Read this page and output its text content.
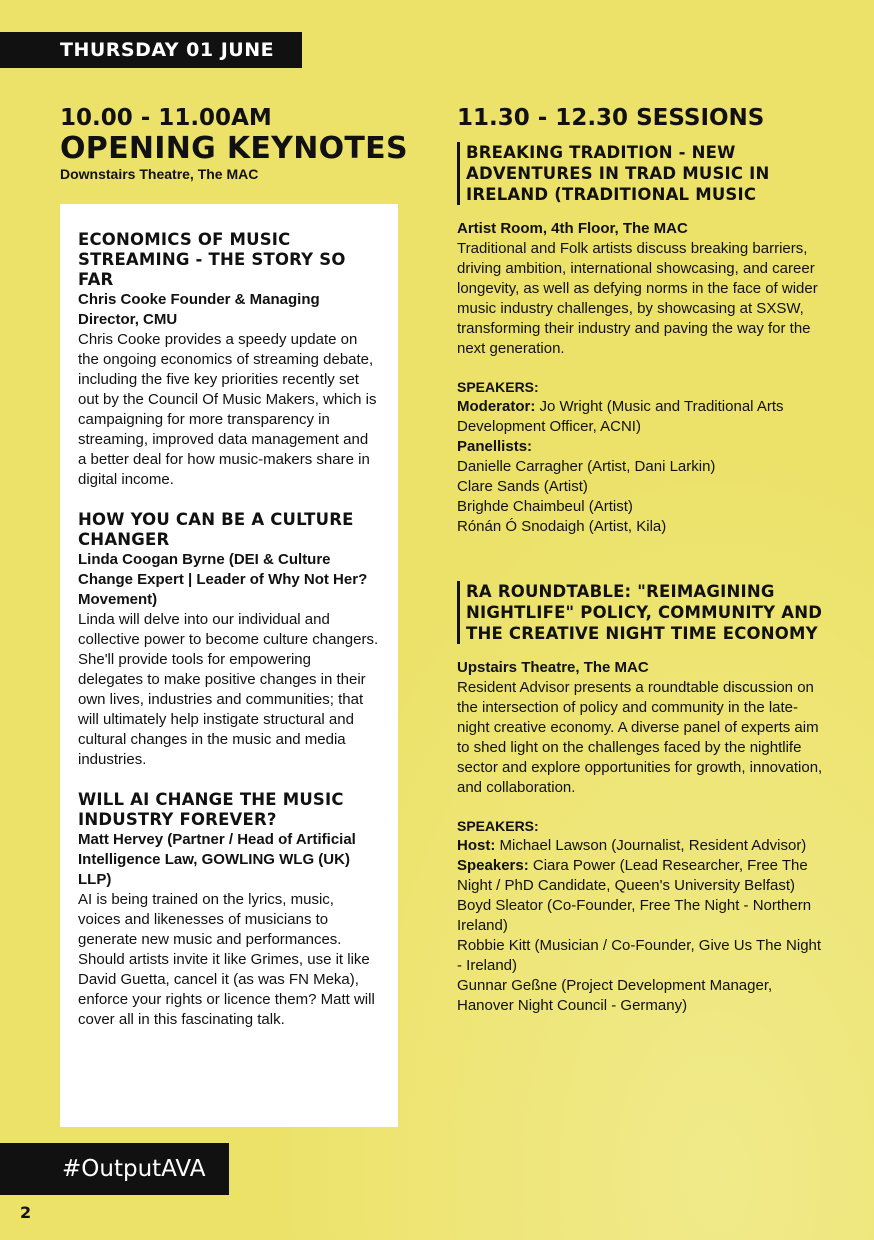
THURSDAY 01 JUNE
10.00 - 11.00AM
OPENING KEYNOTES
Downstairs Theatre, The MAC
ECONOMICS OF MUSIC STREAMING - THE STORY SO FAR
Chris Cooke Founder & Managing Director, CMU
Chris Cooke provides a speedy update on the ongoing economics of streaming debate, including the five key priorities recently set out by the Council Of Music Makers, which is campaigning for more transparency in streaming, improved data management and a better deal for how music-makers share in digital income.
HOW YOU CAN BE A CULTURE CHANGER
Linda Coogan Byrne (DEI & Culture Change Expert | Leader of Why Not Her? Movement)
Linda will delve into our individual and collective power to become culture changers. She'll provide tools for empowering delegates to make positive changes in their own lives, industries and communities; that will ultimately help instigate structural and cultural changes in the music and media industries.
WILL AI CHANGE THE MUSIC INDUSTRY FOREVER?
Matt Hervey (Partner / Head of Artificial Intelligence Law, GOWLING WLG (UK) LLP)
AI is being trained on the lyrics, music, voices and likenesses of musicians to generate new music and performances. Should artists invite it like Grimes, use it like David Guetta, cancel it (as was FN Meka), enforce your rights or licence them? Matt will cover all in this fascinating talk.
11.30 - 12.30 SESSIONS
BREAKING TRADITION - NEW ADVENTURES IN TRAD MUSIC IN IRELAND (TRADITIONAL MUSIC
Artist Room, 4th Floor, The MAC
Traditional and Folk artists discuss breaking barriers, driving ambition, international showcasing, and career longevity, as well as defying norms in the face of wider music industry challenges, by showcasing at SXSW, transforming their industry and paving the way for the next generation.
SPEAKERS:
Moderator: Jo Wright (Music and Traditional Arts Development Officer, ACNI)
Panellists:
Danielle Carragher (Artist, Dani Larkin)
Clare Sands (Artist)
Brighde Chaimbeul (Artist)
Rónán Ó Snodaigh (Artist, Kila)
RA ROUNDTABLE: "REIMAGINING NIGHTLIFE" POLICY, COMMUNITY AND THE CREATIVE NIGHT TIME ECONOMY
Upstairs Theatre, The MAC
Resident Advisor presents a roundtable discussion on the intersection of policy and community in the late-night creative economy. A diverse panel of experts aim to shed light on the challenges faced by the nightlife sector and explore opportunities for growth, innovation, and collaboration.
SPEAKERS:
Host: Michael Lawson (Journalist, Resident Advisor)
Speakers: Ciara Power (Lead Researcher, Free The Night / PhD Candidate, Queen's University Belfast)
Boyd Sleator (Co-Founder, Free The Night - Northern Ireland)
Robbie Kitt (Musician / Co-Founder, Give Us The Night - Ireland)
Gunnar Geßne (Project Development Manager, Hanover Night Council - Germany)
#OutputAVA
2
